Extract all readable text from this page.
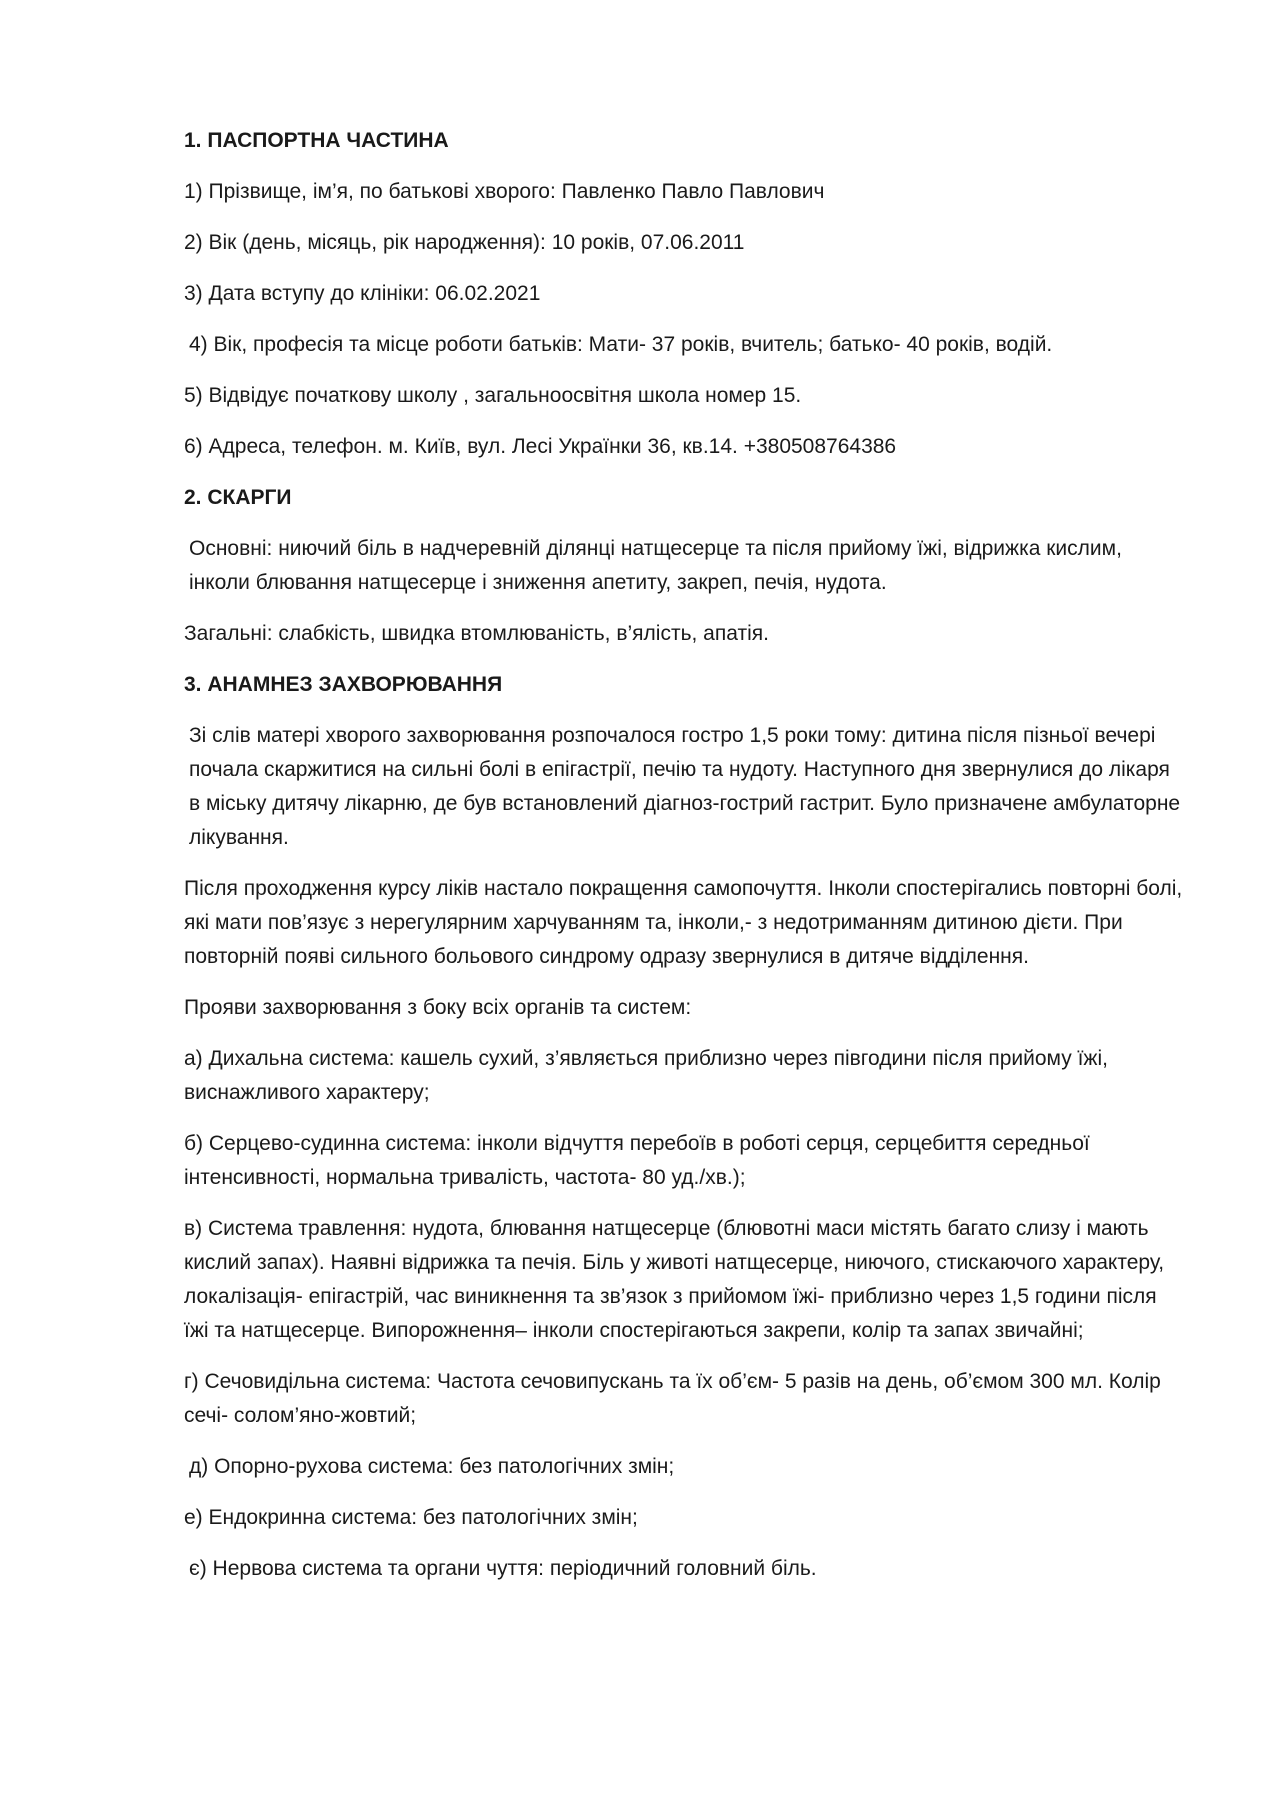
1. ПАСПОРТНА ЧАСТИНА

1) Прізвище, ім’я, по батькові хворого: Павленко Павло Павлович

2) Вік (день, місяць, рік народження): 10 років, 07.06.2011

3) Дата вступу до клініки: 06.02.2021

4) Вік, професія та місце роботи батьків: Мати- 37 років, вчитель; батько- 40 років, водій.

5) Відвідує початкову школу , загальноосвітня школа номер 15.

6) Адреса, телефон. м. Київ, вул. Лесі Українки 36, кв.14. +380508764386

2. СКАРГИ

Основні: ниючий біль в надчеревній ділянці натщесерце та після прийому їжі, відрижка кислим, інколи блювання натщесерце і зниження апетиту, закреп, печія, нудота.

Загальні: слабкість, швидка втомлюваність, в’ялість, апатія.

3. АНАМНЕЗ ЗАХВОРЮВАННЯ

Зі слів матері хворого захворювання розпочалося гостро 1,5 роки тому: дитина після пізньої вечері почала скаржитися на сильні болі в епігастрії, печію та нудоту. Наступного дня звернулися до лікаря в міську дитячу лікарню, де був встановлений діагноз-гострий гастрит. Було призначене амбулаторне лікування.

Після проходження курсу ліків настало покращення самопочуття. Інколи спостерігались повторні болі, які мати пов’язує з нерегулярним харчуванням та, інколи,- з недотриманням дитиною дієти. При повторній появі сильного больового синдрому одразу звернулися в дитяче відділення.

Прояви захворювання з боку всіх органів та систем:

а) Дихальна система: кашель сухий, з’являється приблизно через півгодини після прийому їжі, виснажливого характеру;

б) Серцево-судинна система: інколи відчуття перебоїв в роботі серця, серцебиття середньої інтенсивності, нормальна тривалість, частота- 80 уд./хв.);

в) Система травлення: нудота, блювання натщесерце (блювотні маси містять багато слизу і мають кислий запах). Наявні відрижка та печія. Біль у животі натщесерце, ниючого, стискаючого характеру, локалізація- епігастрій, час виникнення та зв’язок з прийомом їжі- приблизно через 1,5 години після їжі та натщесерце. Випорожнення– інколи спостерігаються закрепи, колір та запах звичайні;

г) Сечовидільна система: Частота сечовипускань та їх об’єм- 5 разів на день, об’ємом 300 мл. Колір сечі- солом’яно-жовтий;

д) Опорно-рухова система: без патологічних змін;

е) Ендокринна система: без патологічних змін;

є) Нервова система та органи чуття: періодичний головний біль.
